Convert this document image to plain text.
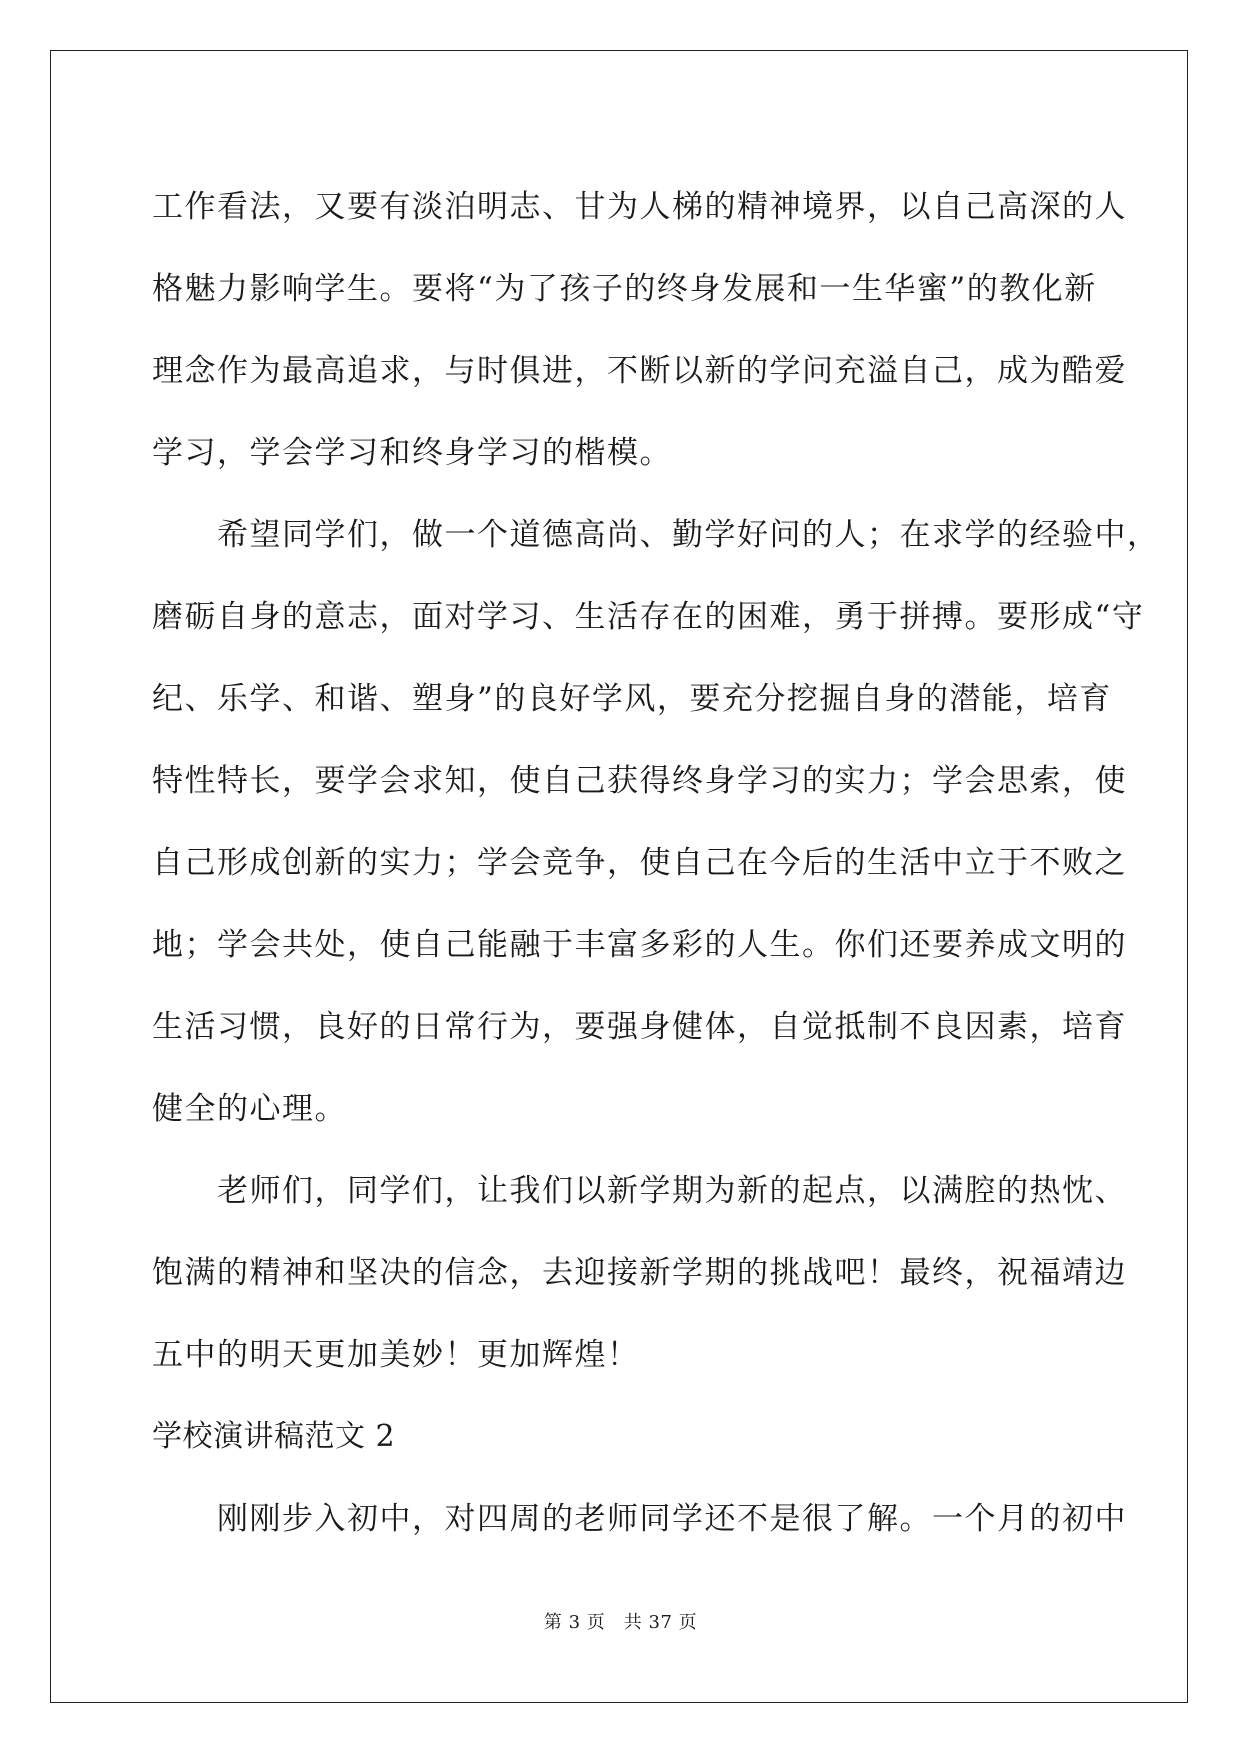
工作看法，又要有淡泊明志、甘为人梯的精神境界，以自己高深的人
格魅力影响学生。要将“为了孩子的终身发展和一生华蜜”的教化新
理念作为最高追求，与时俱进，不断以新的学问充溢自己，成为酷爱
学习，学会学习和终身学习的楷模。
　　希望同学们，做一个道德高尚、勤学好问的人；在求学的经验中，
磨砺自身的意志，面对学习、生活存在的困难，勇于拼搏。要形成“守
纪、乐学、和谐、塑身”的良好学风，要充分挖掘自身的潜能，培育
特性特长，要学会求知，使自己获得终身学习的实力；学会思索，使
自己形成创新的实力；学会竞争，使自己在今后的生活中立于不败之
地；学会共处，使自己能融于丰富多彩的人生。你们还要养成文明的
生活习惯，良好的日常行为，要强身健体，自觉抵制不良因素，培育
健全的心理。
　　老师们，同学们，让我们以新学期为新的起点，以满腔的热忱、
饱满的精神和坚决的信念，去迎接新学期的挑战吧！最终，祝福靖边
五中的明天更加美妙！更加辉煌！
学校演讲稿范文 2
　　刚刚步入初中，对四周的老师同学还不是很了解。一个月的初中
第 3 页　共 37 页
